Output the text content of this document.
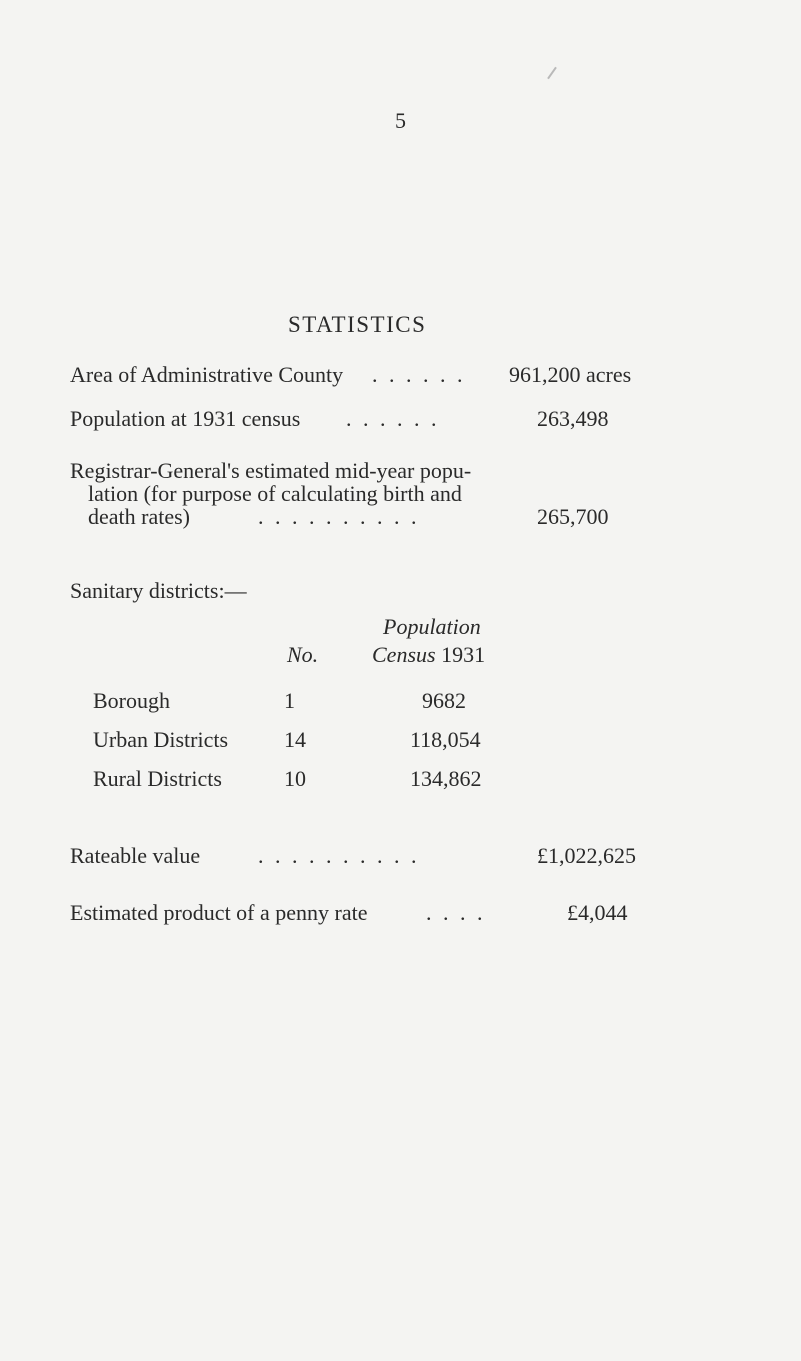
5
STATISTICS
Area of Administrative County . . . . . . 961,200 acres
Population at 1931 census . . . . . .	263,498
Registrar-General's estimated mid-year popu-
lation (for purpose of calculating birth and
death rates)	. . . . . . . . . .	265,700
Sanitary districts:—
Population
No. Census 1931
Borough	1	9682
Urban Districts	14	118,054
Rural Districts	10	134,862
Rateable value	. . . . . . . . . .	£1,022,625
Estimated product of a penny rate	. . . .	£4,044
